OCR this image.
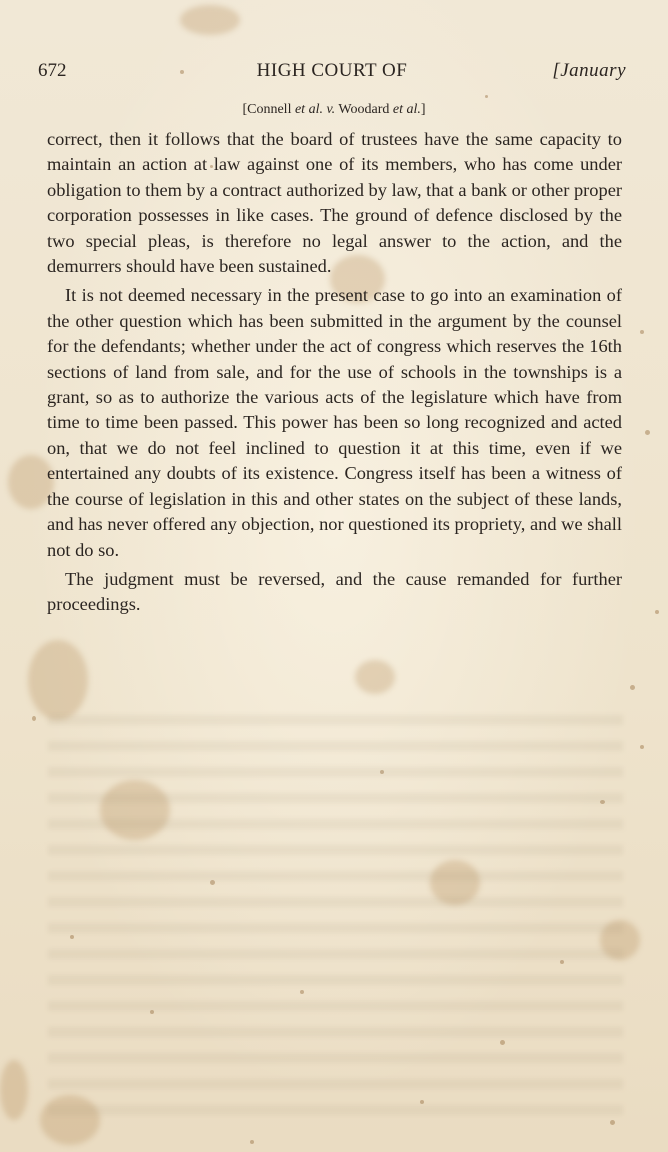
672	HIGH COURT OF	[January
[Connell et al. v. Woodard et al.]

correct, then it follows that the board of trustees have the same capacity to maintain an action at law against one of its members, who has come under obligation to them by a contract authorized by law, that a bank or other proper corporation possesses in like cases. The ground of defence disclosed by the two special pleas, is therefore no legal answer to the action, and the demurrers should have been sustained.

It is not deemed necessary in the present case to go into an examination of the other question which has been submitted in the argument by the counsel for the defendants; whether under the act of congress which reserves the 16th sections of land from sale, and for the use of schools in the townships is a grant, so as to authorize the various acts of the legislature which have from time to time been passed. This power has been so long recognized and acted on, that we do not feel inclined to question it at this time, even if we entertained any doubts of its existence. Congress itself has been a witness of the course of legislation in this and other states on the subject of these lands, and has never offered any objection, nor questioned its propriety, and we shall not do so.

The judgment must be reversed, and the cause remanded for further proceedings.
